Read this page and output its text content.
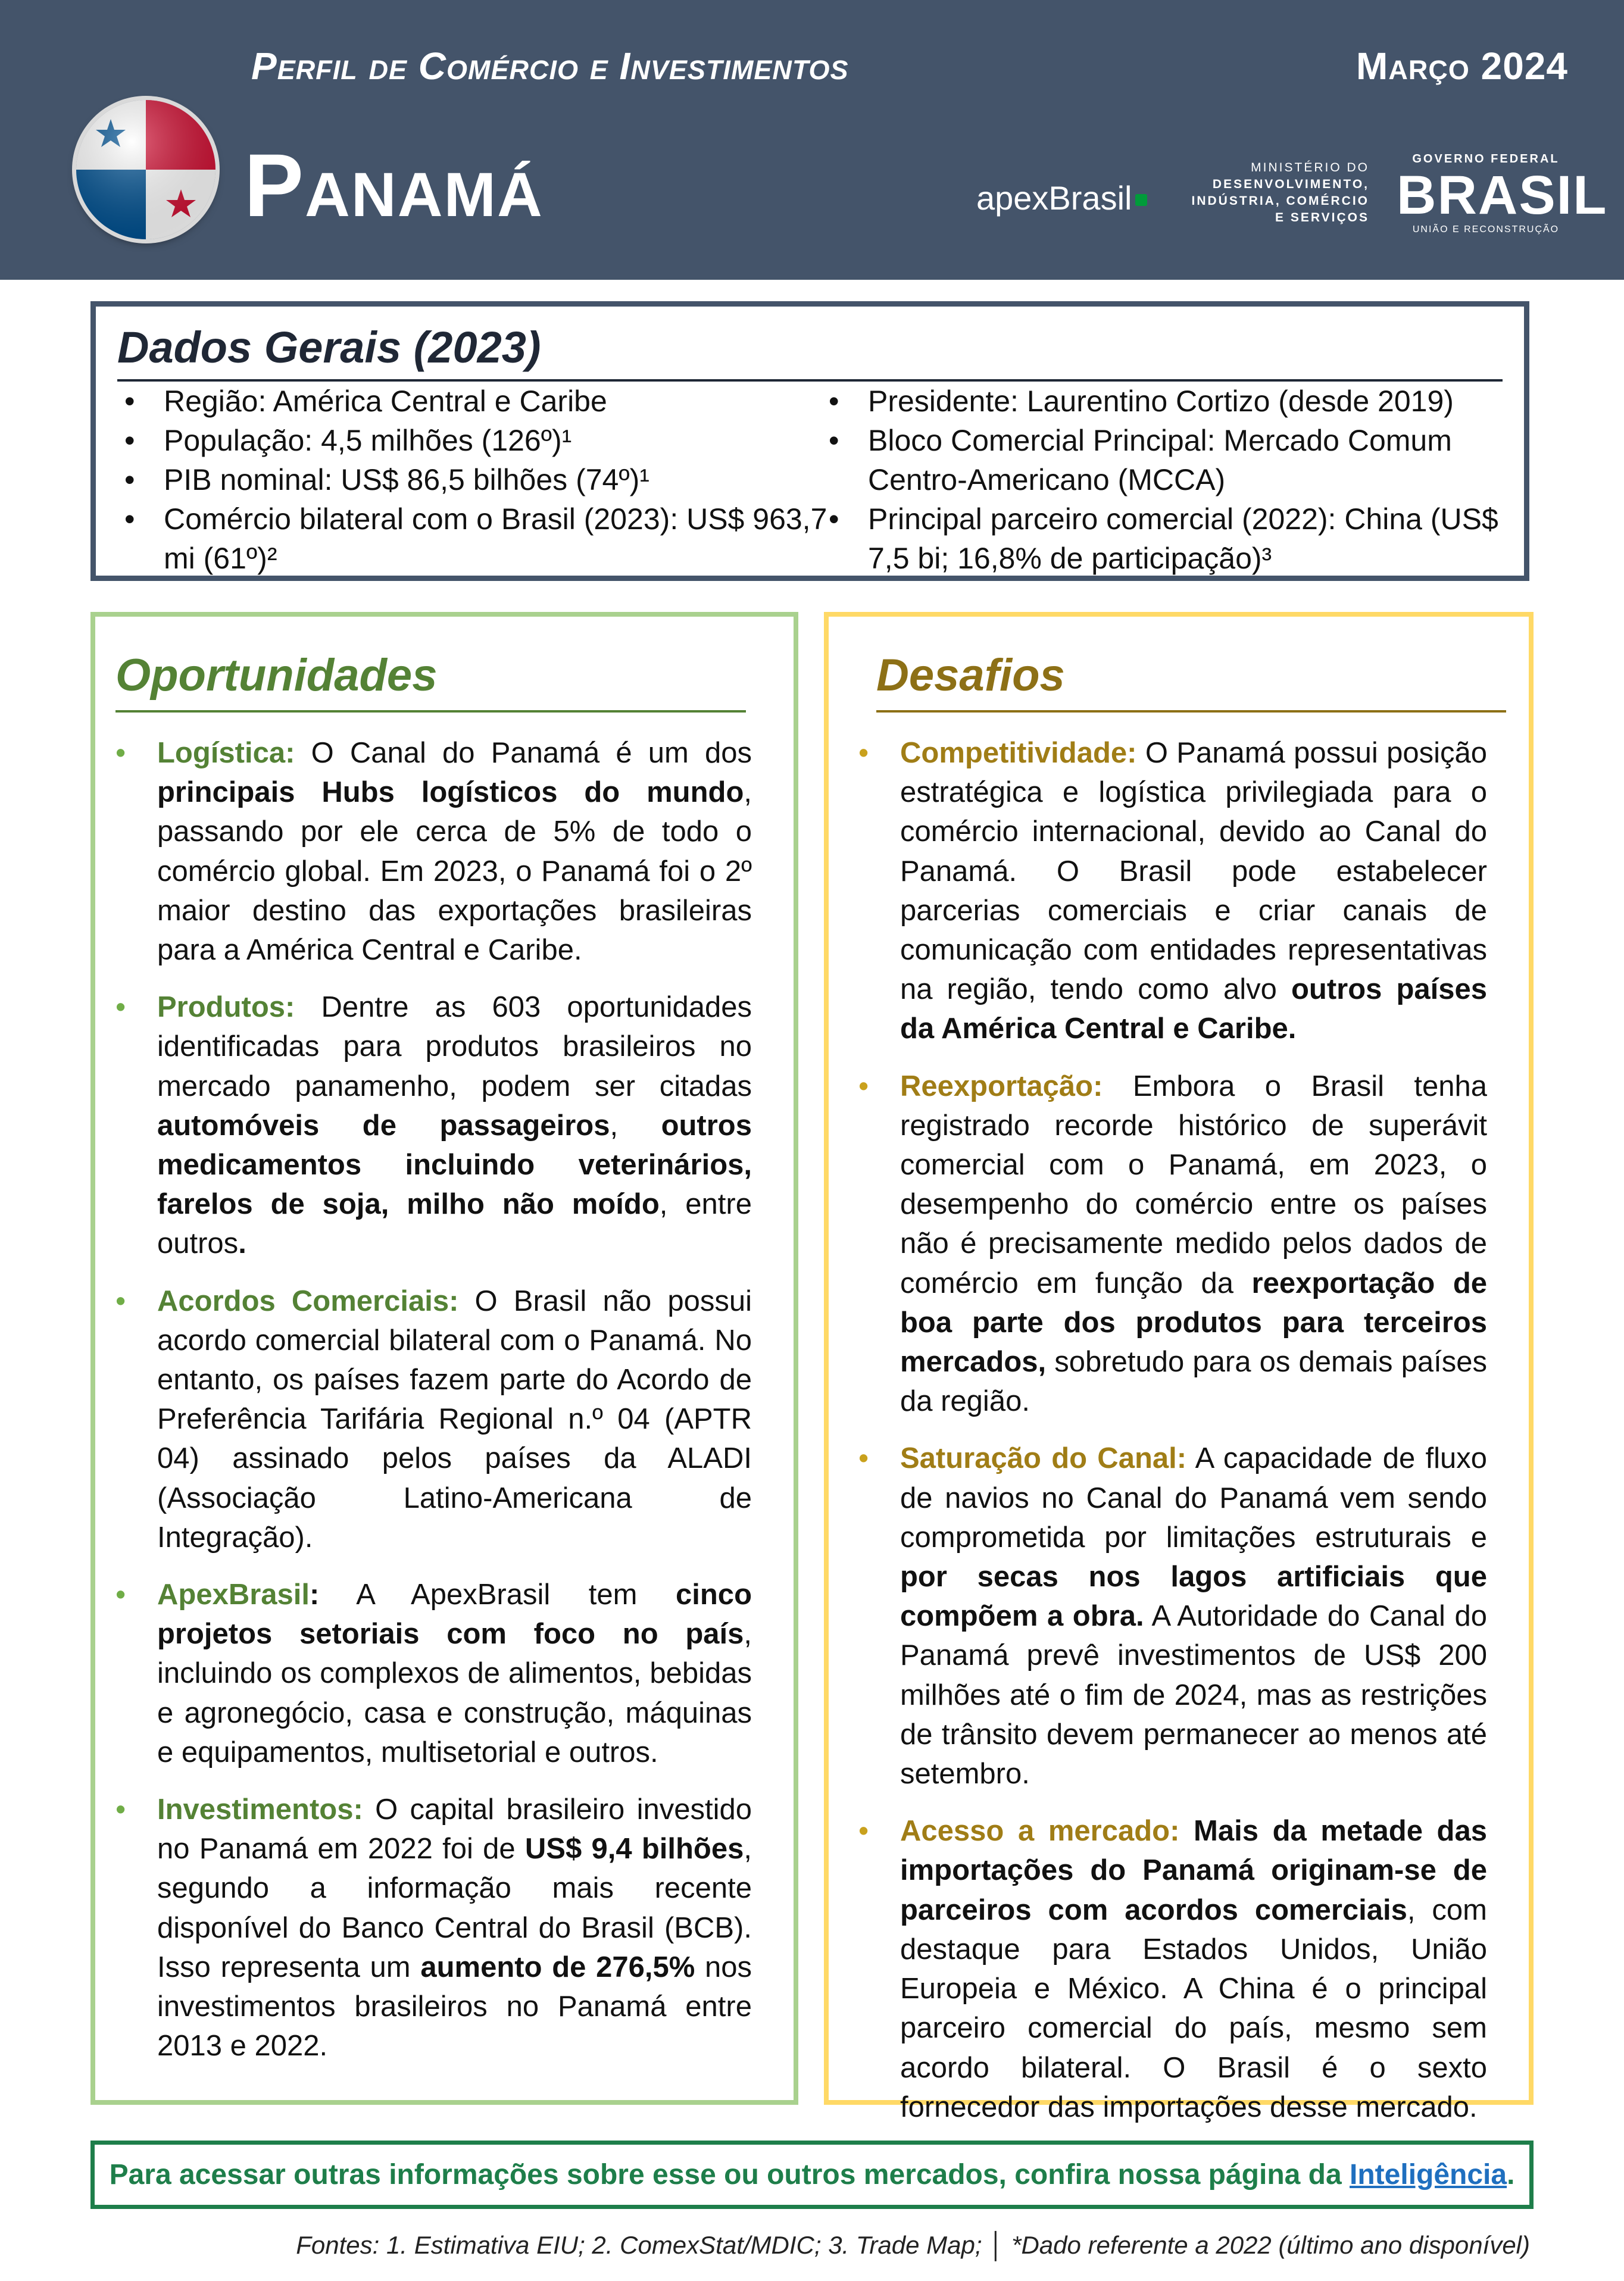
Perfil de Comércio e Investimentos	Março 2024
Panamá	apexBrasil
MINISTÉRIO DO
DESENVOLVIMENTO,
INDÚSTRIA, COMÉRCIO
E SERVIÇOS
GOVERNO FEDERAL
BRASIL
UNIÃO E RECONSTRUÇÃO
Dados Gerais (2023)
• Região: América Central e Caribe
• População: 4,5 milhões (126º)¹
• PIB nominal: US$ 86,5 bilhões (74º)¹
• Comércio bilateral com o Brasil (2023): US$ 963,7 mi (61º)²
• Presidente: Laurentino Cortizo (desde 2019)
• Bloco Comercial Principal: Mercado Comum Centro-Americano (MCCA)
• Principal parceiro comercial (2022): China (US$ 7,5 bi; 16,8% de participação)³
Oportunidades
• Logística: O Canal do Panamá é um dos principais Hubs logísticos do mundo, passando por ele cerca de 5% de todo o comércio global. Em 2023, o Panamá foi o 2º maior destino das exportações brasileiras para a América Central e Caribe.
• Produtos: Dentre as 603 oportunidades identificadas para produtos brasileiros no mercado panamenho, podem ser citadas automóveis de passageiros, outros medicamentos incluindo veterinários, farelos de soja, milho não moído, entre outros.
• Acordos Comerciais: O Brasil não possui acordo comercial bilateral com o Panamá. No entanto, os países fazem parte do Acordo de Preferência Tarifária Regional n.º 04 (APTR 04) assinado pelos países da ALADI (Associação Latino-Americana de Integração).
• ApexBrasil: A ApexBrasil tem cinco projetos setoriais com foco no país, incluindo os complexos de alimentos, bebidas e agronegócio, casa e construção, máquinas e equipamentos, multisetorial e outros.
• Investimentos: O capital brasileiro investido no Panamá em 2022 foi de US$ 9,4 bilhões, segundo a informação mais recente disponível do Banco Central do Brasil (BCB). Isso representa um aumento de 276,5% nos investimentos brasileiros no Panamá entre 2013 e 2022.
Desafios
• Competitividade: O Panamá possui posição estratégica e logística privilegiada para o comércio internacional, devido ao Canal do Panamá. O Brasil pode estabelecer parcerias comerciais e criar canais de comunicação com entidades representativas na região, tendo como alvo outros países da América Central e Caribe.
• Reexportação: Embora o Brasil tenha registrado recorde histórico de superávit comercial com o Panamá, em 2023, o desempenho do comércio entre os países não é precisamente medido pelos dados de comércio em função da reexportação de boa parte dos produtos para terceiros mercados, sobretudo para os demais países da região.
• Saturação do Canal: A capacidade de fluxo de navios no Canal do Panamá vem sendo comprometida por limitações estruturais e por secas nos lagos artificiais que compõem a obra. A Autoridade do Canal do Panamá prevê investimentos de US$ 200 milhões até o fim de 2024, mas as restrições de trânsito devem permanecer ao menos até setembro.
• Acesso a mercado: Mais da metade das importações do Panamá originam-se de parceiros com acordos comerciais, com destaque para Estados Unidos, União Europeia e México. A China é o principal parceiro comercial do país, mesmo sem acordo bilateral. O Brasil é o sexto fornecedor das importações desse mercado.
Para acessar outras informações sobre esse ou outros mercados, confira nossa página da Inteligência.
Fontes: 1. Estimativa EIU; 2. ComexStat/MDIC; 3. Trade Map; │ *Dado referente a 2022 (último ano disponível)
